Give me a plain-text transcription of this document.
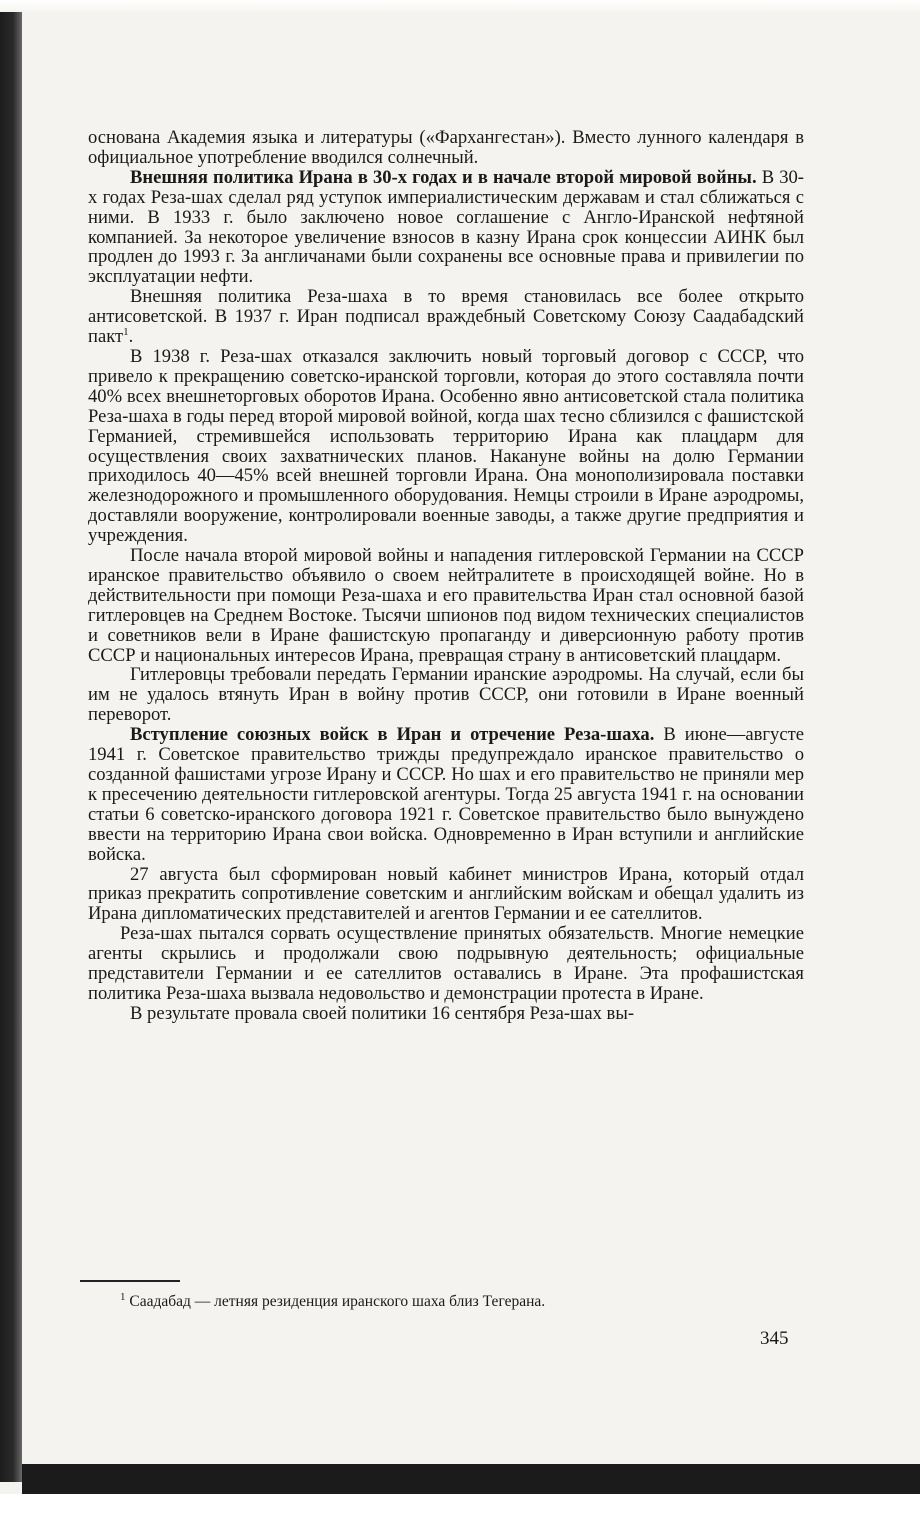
основана Академия языка и литературы («Фархангестан»). Вместо лунного календаря в официальное употребление вводился солнечный.

Внешняя политика Ирана в 30-х годах и в начале второй мировой войны. В 30-х годах Реза-шах сделал ряд уступок империалистическим державам и стал сближаться с ними. В 1933 г. было заключено новое соглашение с Англо-Иранской нефтяной компанией. За некоторое увеличение взносов в казну Ирана срок концессии АИНК был продлен до 1993 г. За англичанами были сохранены все основные права и привилегии по эксплуатации нефти.

Внешняя политика Реза-шаха в то время становилась все более открыто антисоветской. В 1937 г. Иран подписал враждебный Советскому Союзу Саадабадский пакт$^1$.

В 1938 г. Реза-шах отказался заключить новый торговый договор с СССР, что привело к прекращению советско-иранской торговли, которая до этого составляла почти 40% всех внешнеторговых оборотов Ирана. Особенно явно антисоветской стала политика Реза-шаха в годы перед второй мировой войной, когда шах тесно сблизился с фашистской Германией, стремившейся использовать территорию Ирана как плацдарм для осуществления своих захватнических планов. Накануне войны на долю Германии приходилось 40—45% всей внешней торговли Ирана. Она монополизировала поставки железнодорожного и промышленного оборудования. Немцы строили в Иране аэродромы, доставляли вооружение, контролировали военные заводы, а также другие предприятия и учреждения.

После начала второй мировой войны и нападения гитлеровской Германии на СССР иранское правительство объявило о своем нейтралитете в происходящей войне. Но в действительности при помощи Реза-шаха и его правительства Иран стал основной базой гитлеровцев на Среднем Востоке. Тысячи шпионов под видом технических специалистов и советников вели в Иране фашистскую пропаганду и диверсионную работу против СССР и национальных интересов Ирана, превращая страну в антисоветский плацдарм.

Гитлеровцы требовали передать Германии иранские аэродромы. На случай, если бы им не удалось втянуть Иран в войну против СССР, они готовили в Иране военный переворот.

Вступление союзных войск в Иран и отречение Реза-шаха. В июне—августе 1941 г. Советское правительство трижды предупреждало иранское правительство о созданной фашистами угрозе Ирану и СССР. Но шах и его правительство не приняли мер к пресечению деятельности гитлеровской агентуры. Тогда 25 августа 1941 г. на основании статьи 6 советско-иранского договора 1921 г. Советское правительство было вынуждено ввести на территорию Ирана свои войска. Одновременно в Иран вступили и английские войска.

27 августа был сформирован новый кабинет министров Ирана, который отдал приказ прекратить сопротивление советским и английским войскам и обещал удалить из Ирана дипломатических представителей и агентов Германии и ее сателлитов.

Реза-шах пытался сорвать осуществление принятых обязательств. Многие немецкие агенты скрылись и продолжали свою подрывную деятельность; официальные представители Германии и ее сателлитов оставались в Иране. Эта профашистская политика Реза-шаха вызвала недовольство и демонстрации протеста в Иране.

В результате провала своей политики 16 сентября Реза-шах вы-

$^1$ Саадабад — летняя резиденция иранского шаха близ Тегерана.
345
